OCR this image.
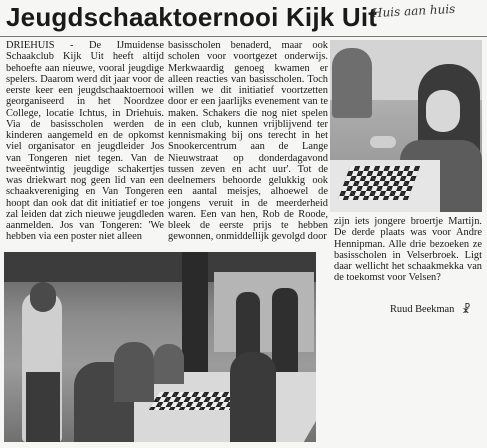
Jeugdschaaktoernooi Kijk Uit
Huis aan huis

DRIEHUIS - De IJmuidense Schaakclub Kijk Uit heeft altijd behoefte aan nieuwe, vooral jeugdige spelers. Daarom werd dit jaar voor de eerste keer een jeugdschaaktoernooi georganiseerd in het Noordzee College, locatie Ichtus, in Driehuis. Via de basisscholen werden de kinderen aangemeld en de opkomst viel organisator en jeugdleider Jos van Tongeren niet tegen. Van de tweeëntwintig jeugdige schakertjes was driekwart nog geen lid van een schaakvereniging en Van Tongeren hoopt dan ook dat dit initiatief er toe zal leiden dat zich nieuwe jeugdleden aanmelden. Jos van Tongeren: 'We hebben via een poster niet alleen

basisscholen benaderd, maar ook scholen voor voortgezet onderwijs. Merkwaardig genoeg kwamen er alleen reacties van basisscholen. Toch willen we dit initiatief voortzetten door er een jaarlijks evenement van te maken. Schakers die nog niet spelen in een club, kunnen vrijblijvend ter kennismaking bij ons terecht in het Snookercentrum aan de Lange Nieuwstraat op donderdagavond tussen zeven en acht uur'. Tot de deelnemers behoorde gelukkig ook een aantal meisjes, alhoewel de jongens veruit in de meerderheid waren. Een van hen, Rob de Roode, bleek de eerste prijs te hebben gewonnen, onmiddellijk gevolgd door

zijn iets jongere broertje Martijn. De derde plaats was voor Andre Hennipman. Alle drie bezoeken ze basisscholen in Velserbroek. Ligt daar wellicht het schaakmekka van de toekomst voor Velsen?

Ruud Beekman ☧
